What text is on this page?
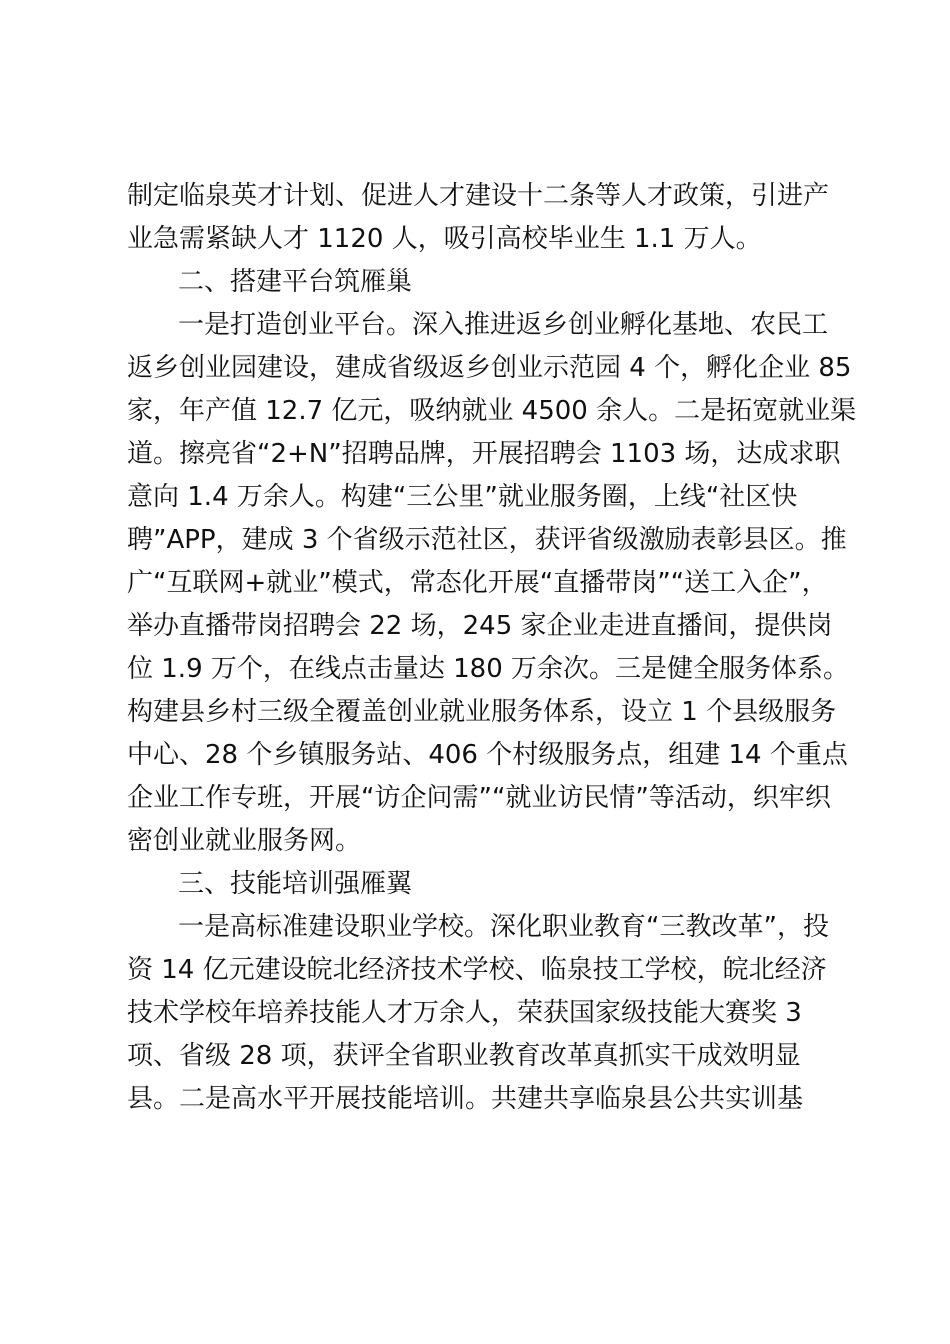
制定临泉英才计划、促进人才建设十二条等人才政策，引进产
业急需紧缺人才 1120 人，吸引高校毕业生 1.1 万人。
二、搭建平台筑雁巢
一是打造创业平台。深入推进返乡创业孵化基地、农民工
返乡创业园建设，建成省级返乡创业示范园 4 个，孵化企业 85
家，年产值 12.7 亿元，吸纳就业 4500 余人。二是拓宽就业渠
道。擦亮省“2+N”招聘品牌，开展招聘会 1103 场，达成求职
意向 1.4 万余人。构建“三公里”就业服务圈，上线“社区快
聘”APP，建成 3 个省级示范社区，获评省级激励表彰县区。推
广“互联网+就业”模式，常态化开展“直播带岗”“送工入企”，
举办直播带岗招聘会 22 场，245 家企业走进直播间，提供岗
位 1.9 万个，在线点击量达 180 万余次。三是健全服务体系。
构建县乡村三级全覆盖创业就业服务体系，设立 1 个县级服务
中心、28 个乡镇服务站、406 个村级服务点，组建 14 个重点
企业工作专班，开展“访企问需”“就业访民情”等活动，织牢织
密创业就业服务网。
三、技能培训强雁翼
一是高标准建设职业学校。深化职业教育“三教改革”，投
资 14 亿元建设皖北经济技术学校、临泉技工学校，皖北经济
技术学校年培养技能人才万余人，荣获国家级技能大赛奖 3
项、省级 28 项，获评全省职业教育改革真抓实干成效明显
县。二是高水平开展技能培训。共建共享临泉县公共实训基
